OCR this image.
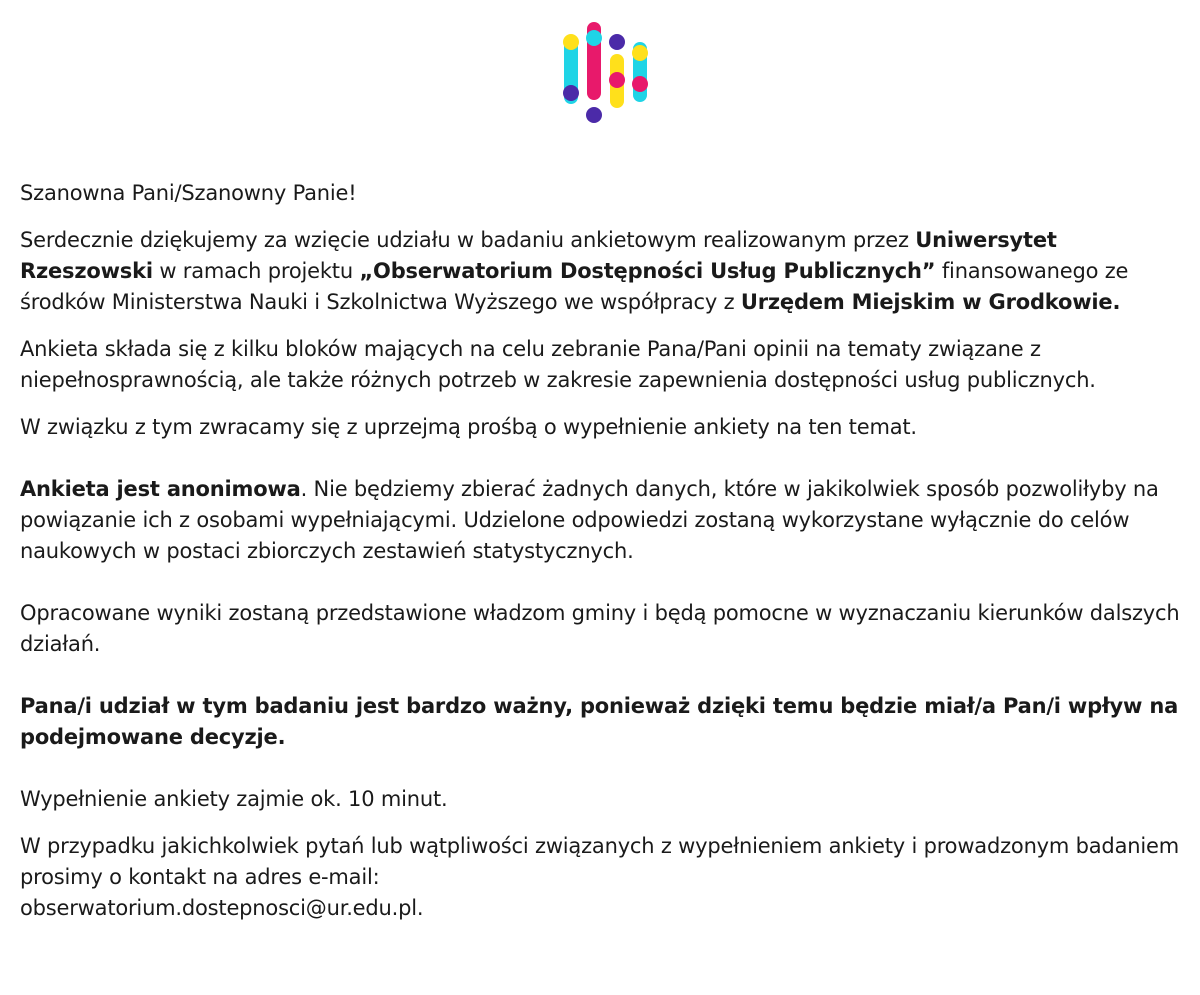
Szanowna Pani/Szanowny Panie!

Serdecznie dziękujemy za wzięcie udziału w badaniu ankietowym realizowanym przez Uniwersytet Rzeszowski w ramach projektu „Obserwatorium Dostępności Usług Publicznych” finansowanego ze środków Ministerstwa Nauki i Szkolnictwa Wyższego we współpracy z Urzędem Miejskim w Grodkowie.

Ankieta składa się z kilku bloków mających na celu zebranie Pana/Pani opinii na tematy związane z niepełnosprawnością, ale także różnych potrzeb w zakresie zapewnienia dostępności usług publicznych.

W związku z tym zwracamy się z uprzejmą prośbą o wypełnienie ankiety na ten temat.

Ankieta jest anonimowa. Nie będziemy zbierać żadnych danych, które w jakikolwiek sposób pozwoliłyby na powiązanie ich z osobami wypełniającymi. Udzielone odpowiedzi zostaną wykorzystane wyłącznie do celów naukowych w postaci zbiorczych zestawień statystycznych.

Opracowane wyniki zostaną przedstawione władzom gminy i będą pomocne w wyznaczaniu kierunków dalszych działań.

Pana/i udział w tym badaniu jest bardzo ważny, ponieważ dzięki temu będzie miał/a Pan/i wpływ na podejmowane decyzje.

Wypełnienie ankiety zajmie ok. 10 minut.

W przypadku jakichkolwiek pytań lub wątpliwości związanych z wypełnieniem ankiety i prowadzonym badaniem prosimy o kontakt na adres e-mail:
obserwatorium.dostepnosci@ur.edu.pl.
